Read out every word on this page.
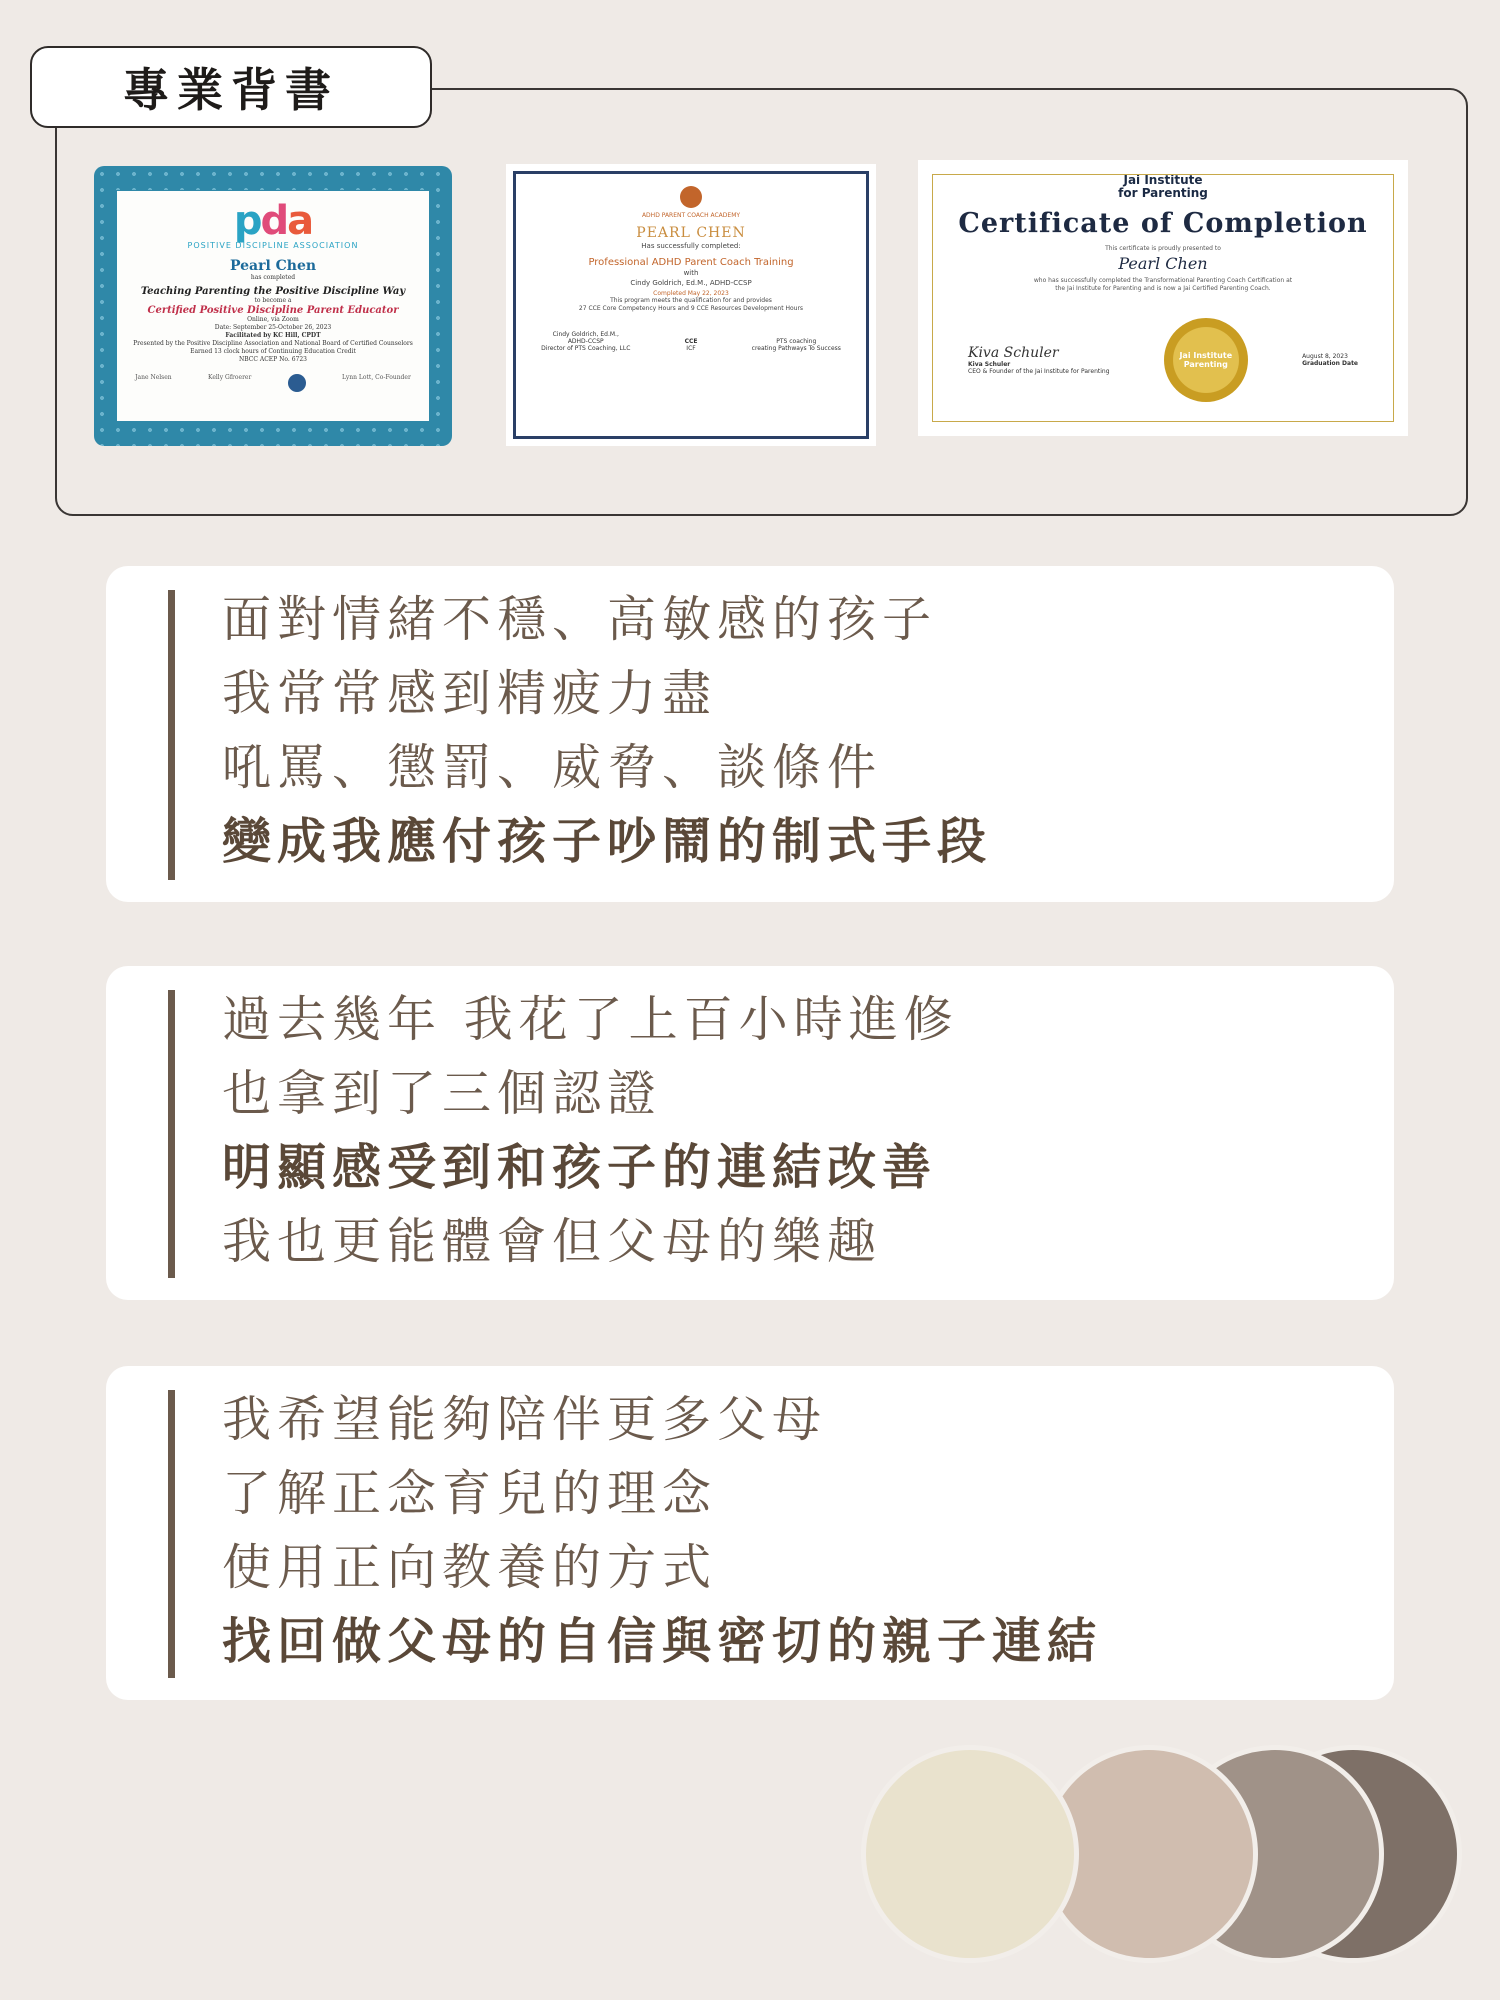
專業背書
pda
POSITIVE DISCIPLINE ASSOCIATION
Pearl Chen
has completed
Teaching Parenting the Positive Discipline Way
to become a
Certified Positive Discipline Parent Educator
Online, via Zoom
Date: September 25-October 26, 2023
Facilitated by KC Hill, CPDT
Presented by the Positive Discipline Association and National Board of Certified Counselors
Earned 13 clock hours of Continuing Education Credit
NBCC ACEP No. 6723
Jane Nelsen	Kelly Gfroerer	Lynn Lott, Co-Founder
ADHD PARENT COACH ACADEMY
PEARL CHEN
Has successfully completed:
Professional ADHD Parent Coach Training
with
Cindy Goldrich, Ed.M., ADHD-CCSP
Completed May 22, 2023
This program meets the qualification for and provides
27 CCE Core Competency Hours and 9 CCE Resources Development Hours
Cindy Goldrich, Ed.M.,
ADHD-CCSP
Director of PTS Coaching, LLC
CCE
ICF
PTS coaching
creating Pathways To Success
Jai Institute
for Parenting
Certificate of Completion
This certificate is proudly presented to
Pearl Chen
who has successfully completed the Transformational Parenting Coach Certification at
the Jai Institute for Parenting and is now a Jai Certified Parenting Coach.
Kiva Schuler
Kiva Schuler
CEO & Founder of the Jai Institute for Parenting
Jai Institute Parenting
August 8, 2023
Graduation Date
面對情緒不穩、高敏感的孩子
我常常感到精疲力盡
吼罵、懲罰、威脅、談條件
變成我應付孩子吵鬧的制式手段
過去幾年 我花了上百小時進修
也拿到了三個認證
明顯感受到和孩子的連結改善
我也更能體會但父母的樂趣
我希望能夠陪伴更多父母
了解正念育兒的理念
使用正向教養的方式
找回做父母的自信與密切的親子連結
